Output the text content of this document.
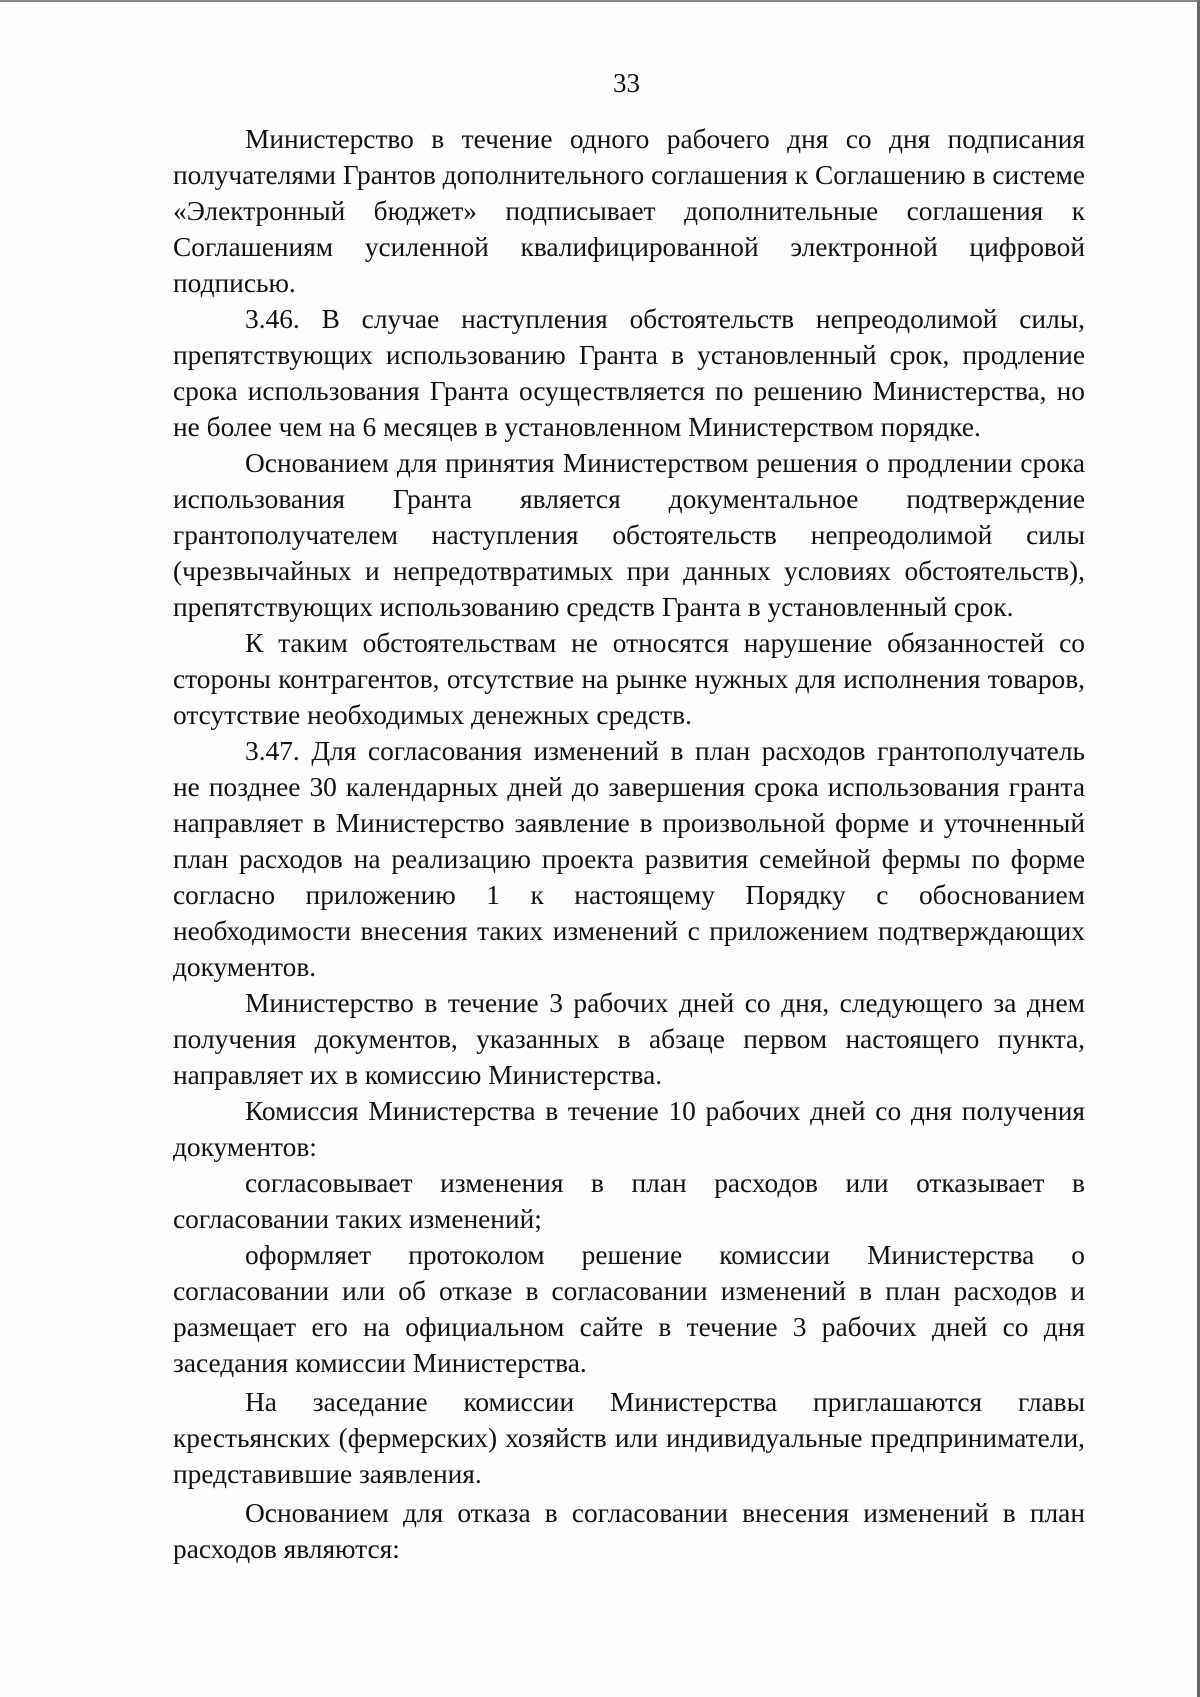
33

Министерство в течение одного рабочего дня со дня подписания получателями Грантов дополнительного соглашения к Соглашению в системе «Электронный бюджет» подписывает дополнительные соглашения к Соглашениям усиленной квалифицированной электронной цифровой подписью.

3.46. В случае наступления обстоятельств непреодолимой силы, препятствующих использованию Гранта в установленный срок, продление срока использования Гранта осуществляется по решению Министерства, но не более чем на 6 месяцев в установленном Министерством порядке.

Основанием для принятия Министерством решения о продлении срока использования Гранта является документальное подтверждение грантополучателем наступления обстоятельств непреодолимой силы (чрезвычайных и непредотвратимых при данных условиях обстоятельств), препятствующих использованию средств Гранта в установленный срок.

К таким обстоятельствам не относятся нарушение обязанностей со стороны контрагентов, отсутствие на рынке нужных для исполнения товаров, отсутствие необходимых денежных средств.

3.47. Для согласования изменений в план расходов грантополучатель не позднее 30 календарных дней до завершения срока использования гранта направляет в Министерство заявление в произвольной форме и уточненный план расходов на реализацию проекта развития семейной фермы по форме согласно приложению 1 к настоящему Порядку с обоснованием необходимости внесения таких изменений с приложением подтверждающих документов.

Министерство в течение 3 рабочих дней со дня, следующего за днем получения документов, указанных в абзаце первом настоящего пункта, направляет их в комиссию Министерства.

Комиссия Министерства в течение 10 рабочих дней со дня получения документов:

согласовывает изменения в план расходов или отказывает в согласовании таких изменений;

оформляет протоколом решение комиссии Министерства о согласовании или об отказе в согласовании изменений в план расходов и размещает его на официальном сайте в течение 3 рабочих дней со дня заседания комиссии Министерства.

На заседание комиссии Министерства приглашаются главы крестьянских (фермерских) хозяйств или индивидуальные предприниматели, представившие заявления.

Основанием для отказа в согласовании внесения изменений в план расходов являются:
